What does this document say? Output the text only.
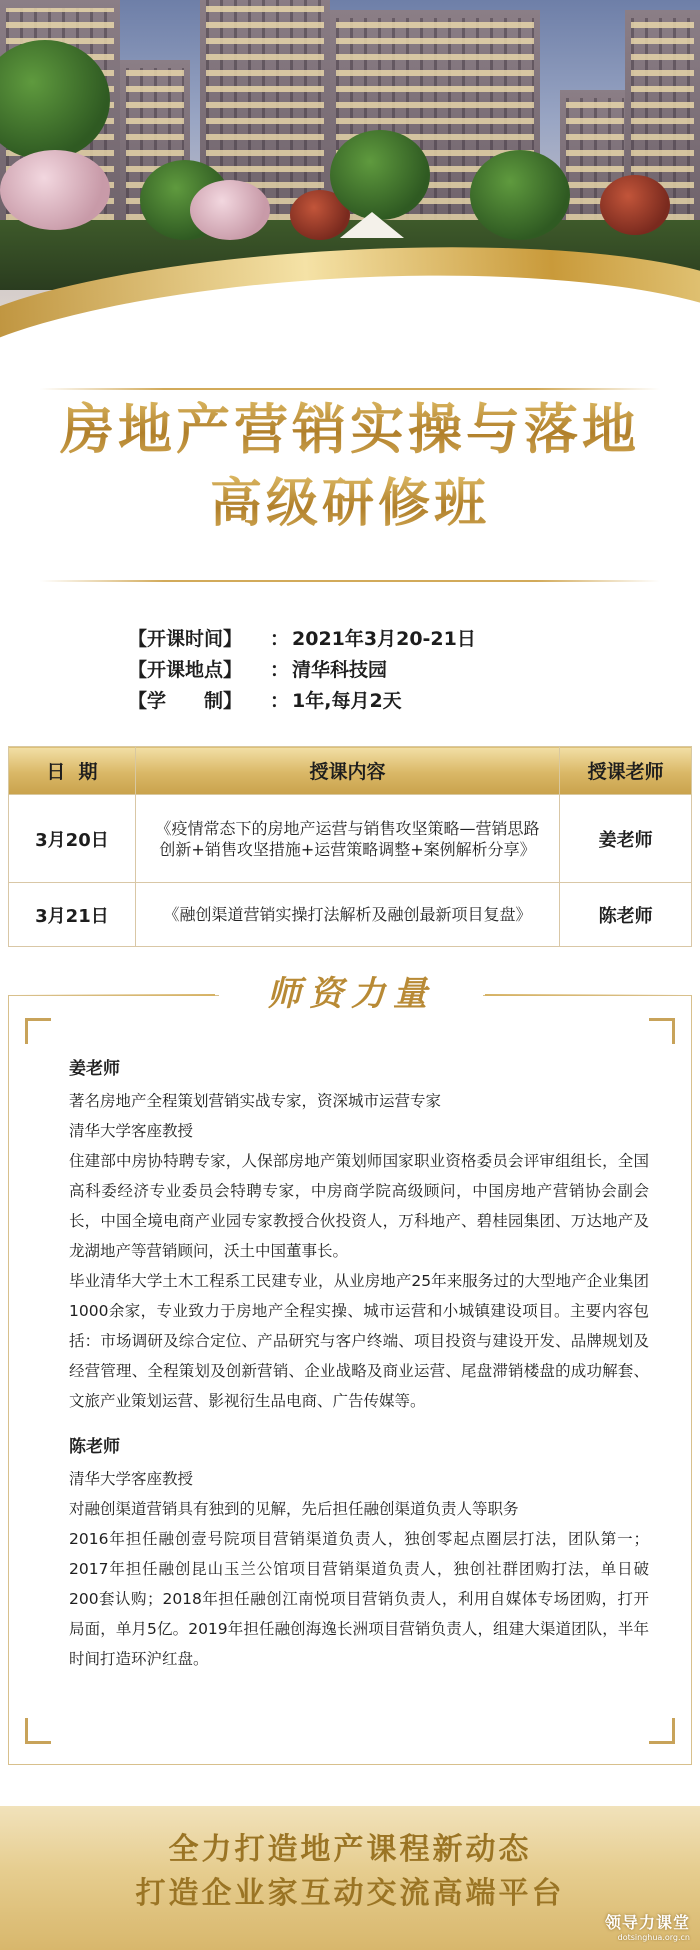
房地产营销实操与落地
高级研修班
【开课时间】	： 2021年3月20-21日
【开课地点】	： 清华科技园
【学　　制】	： 1年,每月2天
日  期	授课内容	授课老师
3月20日	《疫情常态下的房地产运营与销售攻坚策略—营销思路创新+销售攻坚措施+运营策略调整+案例解析分享》	姜老师
3月21日	《融创渠道营销实操打法解析及融创最新项目复盘》	陈老师
师资力量
姜老师

著名房地产全程策划营销实战专家，资深城市运营专家

清华大学客座教授

住建部中房协特聘专家，人保部房地产策划师国家职业资格委员会评审组组长，全国高科委经济专业委员会特聘专家，中房商学院高级顾问，中国房地产营销协会副会长，中国全境电商产业园专家教授合伙投资人，万科地产、碧桂园集团、万达地产及龙湖地产等营销顾问，沃土中国董事长。

毕业清华大学土木工程系工民建专业，从业房地产25年来服务过的大型地产企业集团1000余家，专业致力于房地产全程实操、城市运营和小城镇建设项目。主要内容包括：市场调研及综合定位、产品研究与客户终端、项目投资与建设开发、品牌规划及经营管理、全程策划及创新营销、企业战略及商业运营、尾盘滞销楼盘的成功解套、文旅产业策划运营、影视衍生品电商、广告传媒等。

陈老师

清华大学客座教授

对融创渠道营销具有独到的见解，先后担任融创渠道负责人等职务

2016年担任融创壹号院项目营销渠道负责人，独创零起点圈层打法，团队第一；2017年担任融创昆山玉兰公馆项目营销渠道负责人，独创社群团购打法，单日破200套认购；2018年担任融创江南悦项目营销负责人，利用自媒体专场团购，打开局面，单月5亿。2019年担任融创海逸长洲项目营销负责人，组建大渠道团队，半年时间打造环沪红盘。

全力打造地产课程新动态
打造企业家互动交流高端平台
领导力课堂
dotsinghua.org.cn
